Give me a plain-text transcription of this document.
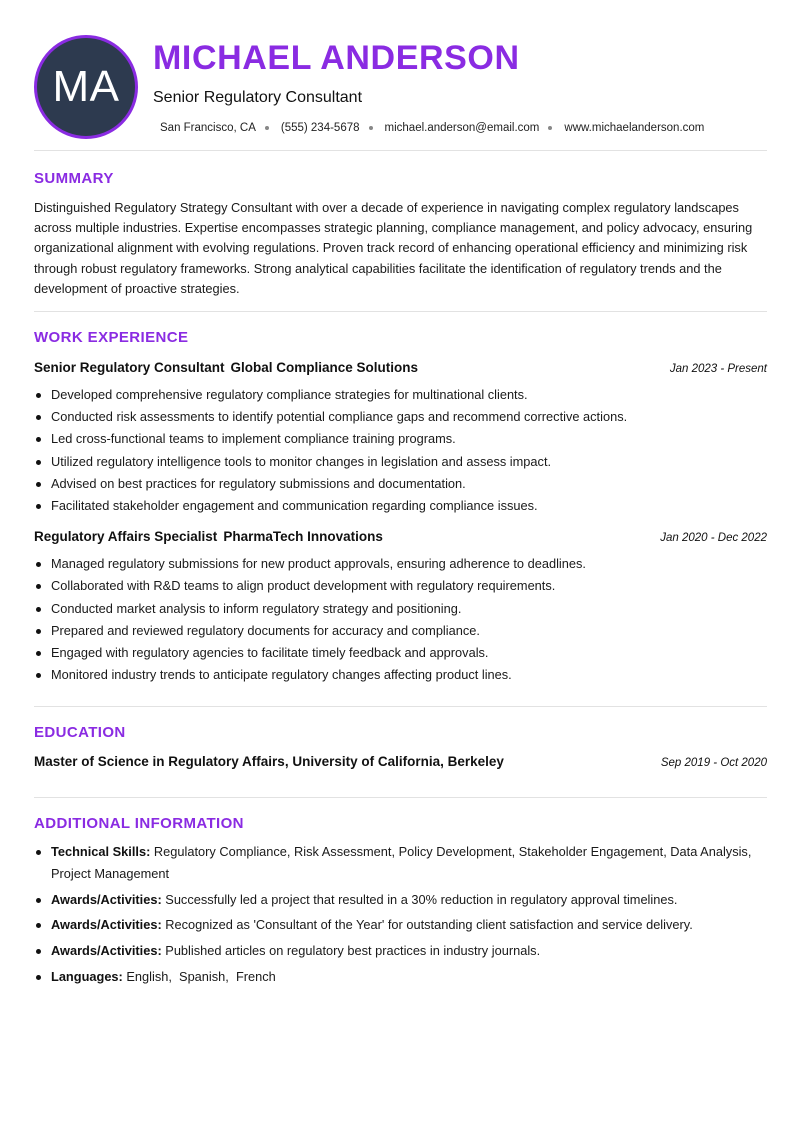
MA
MICHAEL ANDERSON
Senior Regulatory Consultant
San Francisco, CA (555) 234-5678 michael.anderson@email.com www.michaelanderson.com
SUMMARY
Distinguished Regulatory Strategy Consultant with over a decade of experience in navigating complex regulatory landscapes across multiple industries. Expertise encompasses strategic planning, compliance management, and policy advocacy, ensuring organizational alignment with evolving regulations. Proven track record of enhancing operational efficiency and minimizing risk through robust regulatory frameworks. Strong analytical capabilities facilitate the identification of regulatory trends and the development of proactive strategies.
WORK EXPERIENCE
Senior Regulatory Consultant Global Compliance Solutions	Jan 2023 - Present
Developed comprehensive regulatory compliance strategies for multinational clients.
Conducted risk assessments to identify potential compliance gaps and recommend corrective actions.
Led cross-functional teams to implement compliance training programs.
Utilized regulatory intelligence tools to monitor changes in legislation and assess impact.
Advised on best practices for regulatory submissions and documentation.
Facilitated stakeholder engagement and communication regarding compliance issues.
Regulatory Affairs Specialist PharmaTech Innovations	Jan 2020 - Dec 2022
Managed regulatory submissions for new product approvals, ensuring adherence to deadlines.
Collaborated with R&D teams to align product development with regulatory requirements.
Conducted market analysis to inform regulatory strategy and positioning.
Prepared and reviewed regulatory documents for accuracy and compliance.
Engaged with regulatory agencies to facilitate timely feedback and approvals.
Monitored industry trends to anticipate regulatory changes affecting product lines.
EDUCATION
Master of Science in Regulatory Affairs, University of California, Berkeley	Sep 2019 - Oct 2020
ADDITIONAL INFORMATION
Technical Skills: Regulatory Compliance, Risk Assessment, Policy Development, Stakeholder Engagement, Data Analysis, Project Management
Awards/Activities: Successfully led a project that resulted in a 30% reduction in regulatory approval timelines.
Awards/Activities: Recognized as 'Consultant of the Year' for outstanding client satisfaction and service delivery.
Awards/Activities: Published articles on regulatory best practices in industry journals.
Languages: English,  Spanish,  French
